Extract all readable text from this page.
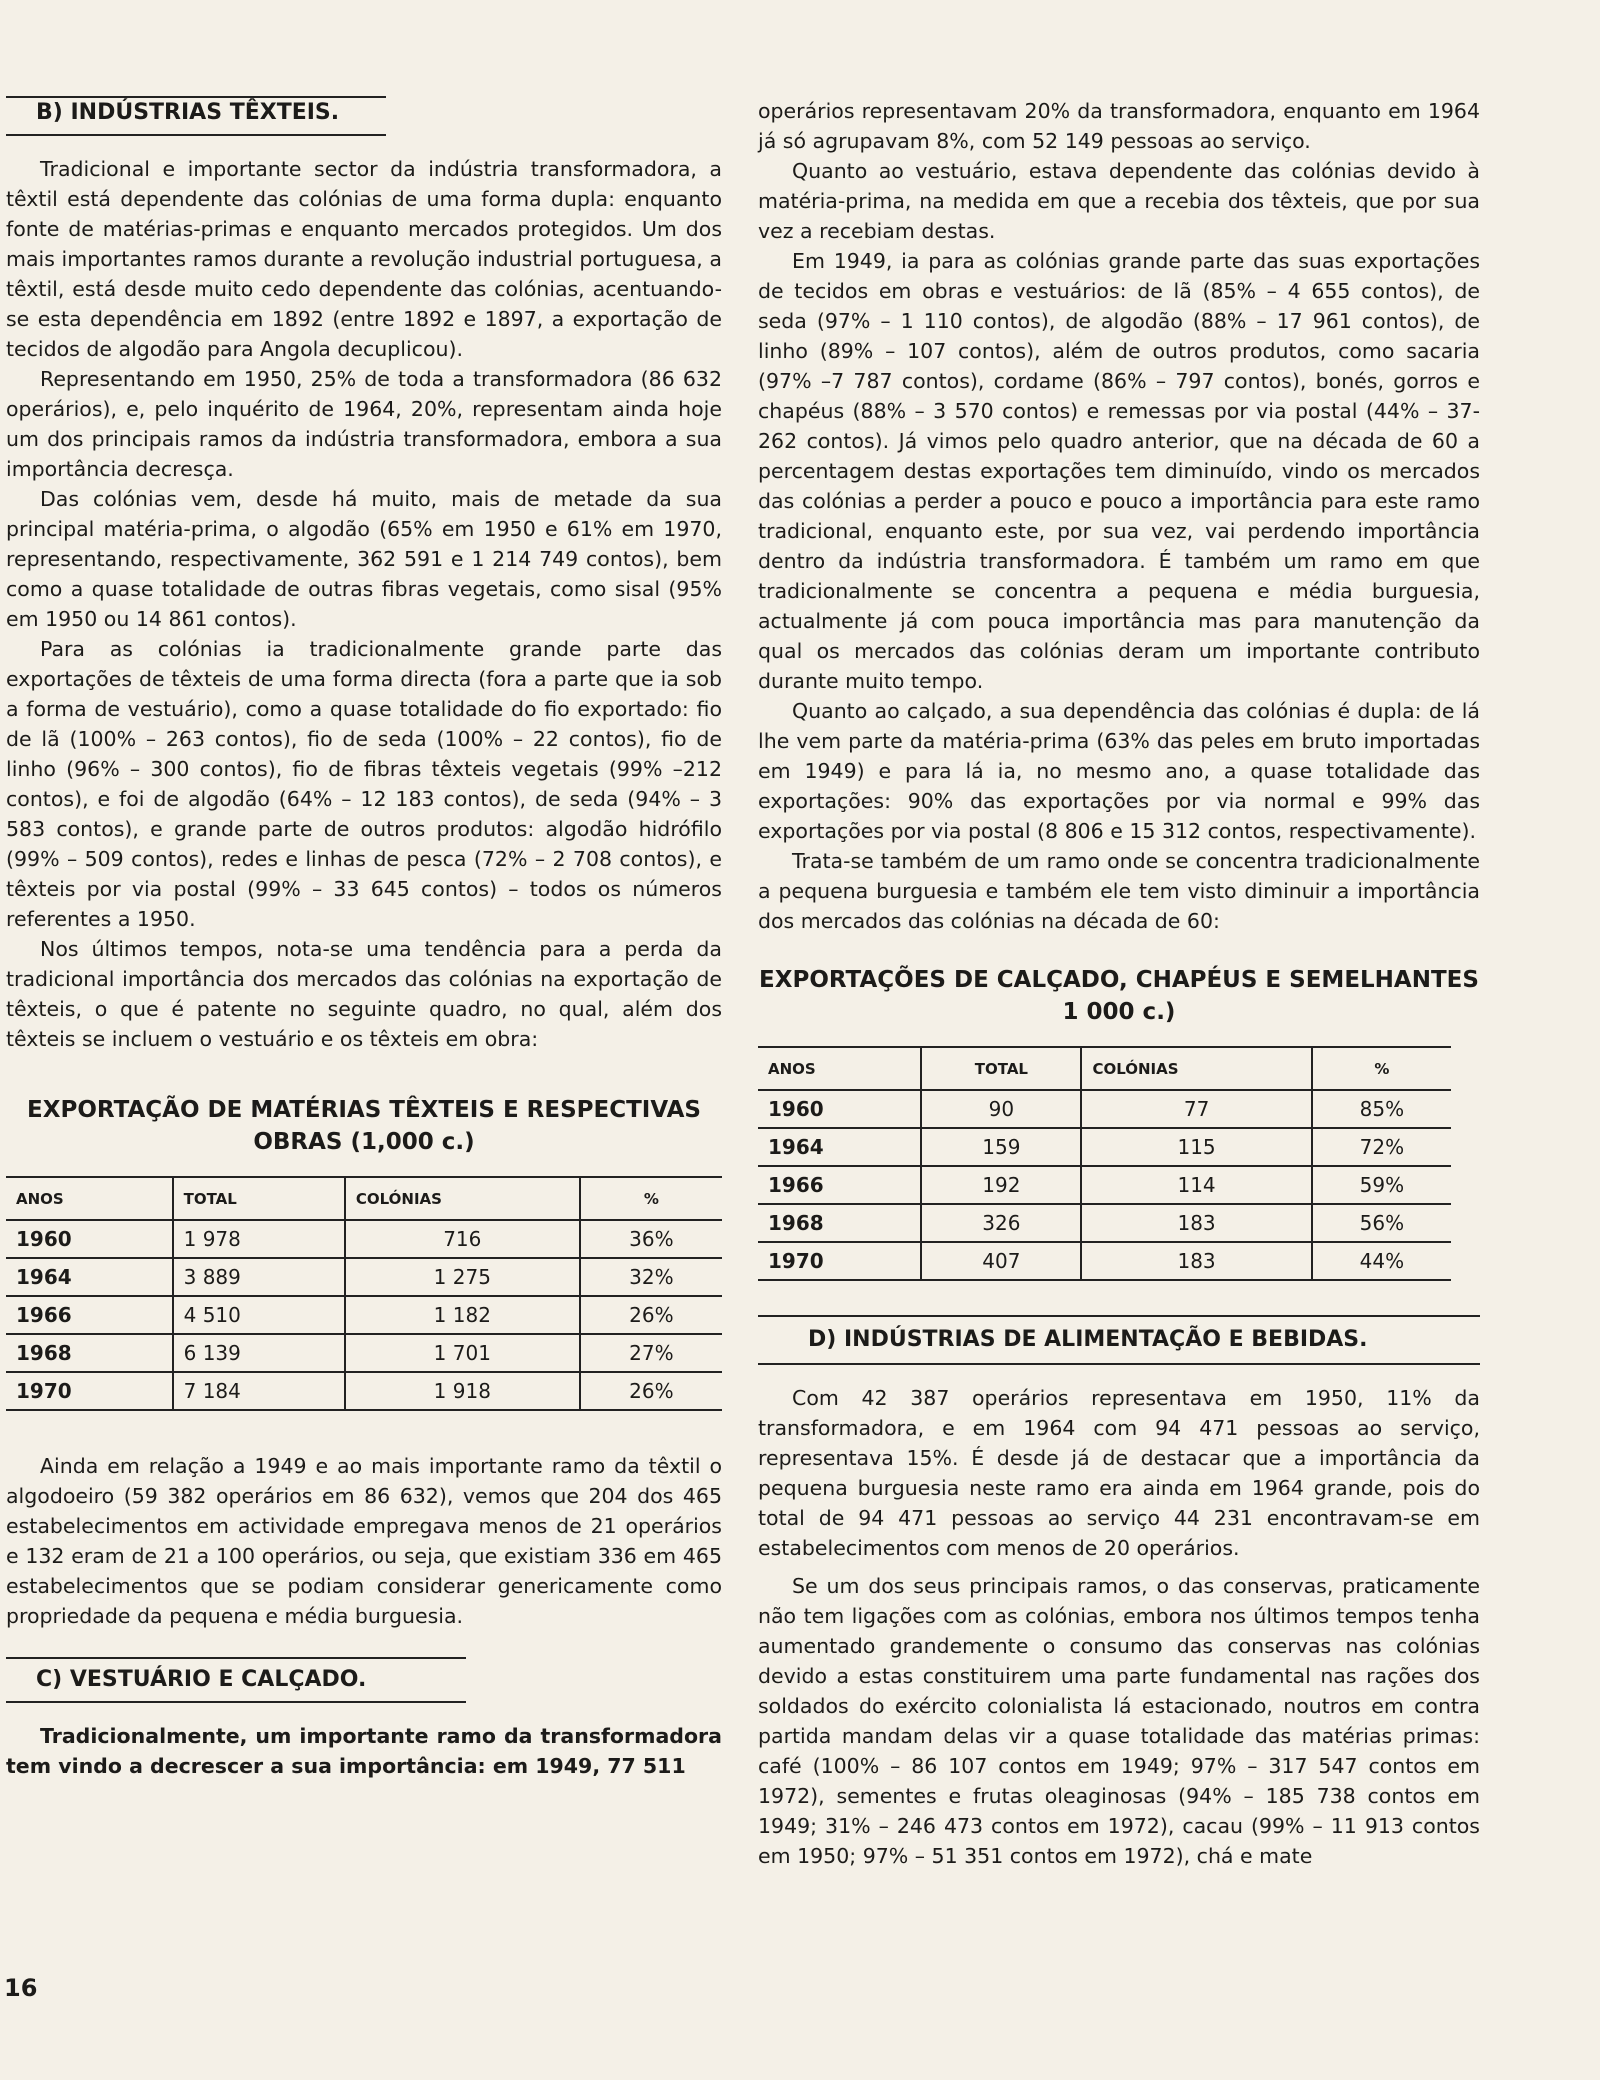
B) INDÚSTRIAS TÊXTEIS.

Tradicional e importante sector da indústria transformadora, a têxtil está dependente das colónias de uma forma dupla: enquanto fonte de matérias-primas e enquanto mercados protegidos. Um dos mais importantes ramos durante a revolução industrial portuguesa, a têxtil, está desde muito cedo dependente das colónias, acentuando-se esta dependência em 1892 (entre 1892 e 1897, a exportação de tecidos de algodão para Angola decuplicou).

Representando em 1950, 25% de toda a transformadora (86 632 operários), e, pelo inquérito de 1964, 20%, representam ainda hoje um dos principais ramos da indústria transformadora, embora a sua importância decresça.

Das colónias vem, desde há muito, mais de metade da sua principal matéria-prima, o algodão (65% em 1950 e 61% em 1970, representando, respectivamente, 362 591 e 1 214 749 contos), bem como a quase totalidade de outras fibras vegetais, como sisal (95% em 1950 ou 14 861 contos).

Para as colónias ia tradicionalmente grande parte das exportações de têxteis de uma forma directa (fora a parte que ia sob a forma de vestuário), como a quase totalidade do fio exportado: fio de lã (100% – 263 contos), fio de seda (100% – 22 contos), fio de linho (96% – 300 contos), fio de fibras têxteis vegetais (99% –212 contos), e foi de algodão (64% – 12 183 contos), de seda (94% – 3 583 contos), e grande parte de outros produtos: algodão hidrófilo (99% – 509 contos), redes e linhas de pesca (72% – 2 708 contos), e têxteis por via postal (99% – 33 645 contos) – todos os números referentes a 1950.

Nos últimos tempos, nota-se uma tendência para a perda da tradicional importância dos mercados das colónias na exportação de têxteis, o que é patente no seguinte quadro, no qual, além dos têxteis se incluem o vestuário e os têxteis em obra:

EXPORTAÇÃO DE MATÉRIAS TÊXTEIS E RESPECTIVAS
OBRAS (1,000 c.)
ANOS	TOTAL	COLÓNIAS	%
1960	1 978	716	36%
1964	3 889	1 275	32%
1966	4 510	1 182	26%
1968	6 139	1 701	27%
1970	7 184	1 918	26%

Ainda em relação a 1949 e ao mais importante ramo da têxtil o algodoeiro (59 382 operários em 86 632), vemos que 204 dos 465 estabelecimentos em actividade empregava menos de 21 operários e 132 eram de 21 a 100 operários, ou seja, que existiam 336 em 465 estabelecimentos que se podiam considerar genericamente como propriedade da pequena e média burguesia.

C) VESTUÁRIO E CALÇADO.

Tradicionalmente, um importante ramo da transformadora tem vindo a decrescer a sua importância: em 1949, 77 511

operários representavam 20% da transformadora, enquanto em 1964 já só agrupavam 8%, com 52 149 pessoas ao serviço.

Quanto ao vestuário, estava dependente das colónias devido à matéria-prima, na medida em que a recebia dos têxteis, que por sua vez a recebiam destas.

Em 1949, ia para as colónias grande parte das suas exportações de tecidos em obras e vestuários: de lã (85% – 4 655 contos), de seda (97% – 1 110 contos), de algodão (88% – 17 961 contos), de linho (89% – 107 contos), além de outros produtos, como sacaria (97% –7 787 contos), cordame (86% – 797 contos), bonés, gorros e chapéus (88% – 3 570 contos) e remessas por via postal (44% – 37-262 contos). Já vimos pelo quadro anterior, que na década de 60 a percentagem destas exportações tem diminuído, vindo os mercados das colónias a perder a pouco e pouco a importância para este ramo tradicional, enquanto este, por sua vez, vai perdendo importância dentro da indústria transformadora. É também um ramo em que tradicionalmente se concentra a pequena e média burguesia, actualmente já com pouca importância mas para manutenção da qual os mercados das colónias deram um importante contributo durante muito tempo.

Quanto ao calçado, a sua dependência das colónias é dupla: de lá lhe vem parte da matéria-prima (63% das peles em bruto importadas em 1949) e para lá ia, no mesmo ano, a quase totalidade das exportações: 90% das exportações por via normal e 99% das exportações por via postal (8 806 e 15 312 contos, respectivamente).

Trata-se também de um ramo onde se concentra tradicionalmente a pequena burguesia e também ele tem visto diminuir a importância dos mercados das colónias na década de 60:

EXPORTAÇÕES DE CALÇADO, CHAPÉUS E SEMELHANTES
1 000 c.)
ANOS	TOTAL	COLÓNIAS	%
1960	90	77	85%
1964	159	115	72%
1966	192	114	59%
1968	326	183	56%
1970	407	183	44%
D) INDÚSTRIAS DE ALIMENTAÇÃO E BEBIDAS.

Com 42 387 operários representava em 1950, 11% da transformadora, e em 1964 com 94 471 pessoas ao serviço, representava 15%. É desde já de destacar que a importância da pequena burguesia neste ramo era ainda em 1964 grande, pois do total de 94 471 pessoas ao serviço 44 231 encontravam-se em estabelecimentos com menos de 20 operários.

Se um dos seus principais ramos, o das conservas, praticamente não tem ligações com as colónias, embora nos últimos tempos tenha aumentado grandemente o consumo das conservas nas colónias devido a estas constituirem uma parte fundamental nas rações dos soldados do exército colonialista lá estacionado, noutros em contra partida mandam delas vir a quase totalidade das matérias primas: café (100% – 86 107 contos em 1949; 97% – 317 547 contos em 1972), sementes e frutas oleaginosas (94% – 185 738 contos em 1949; 31% – 246 473 contos em 1972), cacau (99% – 11 913 contos em 1950; 97% – 51 351 contos em 1972), chá e mate

16
